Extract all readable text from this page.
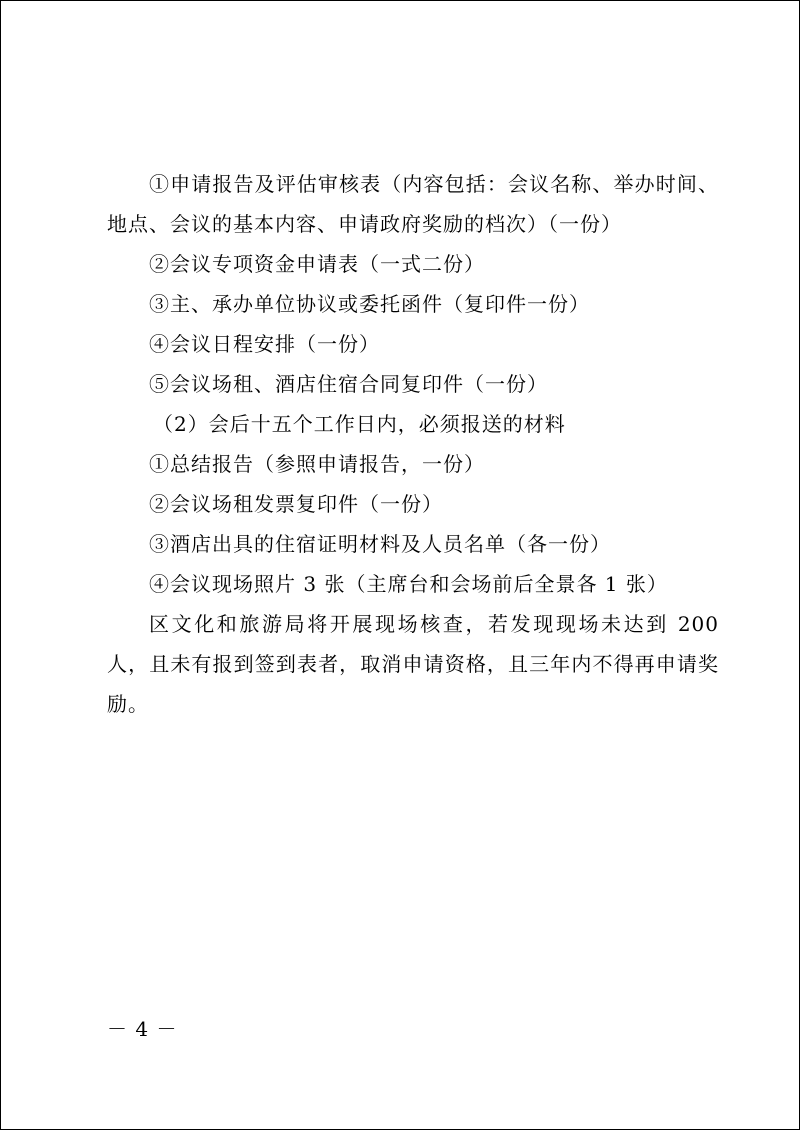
①申请报告及评估审核表（内容包括：会议名称、举办时间、地点、会议的基本内容、申请政府奖励的档次）（一份）

②会议专项资金申请表（一式二份）

③主、承办单位协议或委托函件（复印件一份）

④会议日程安排（一份）

⑤会议场租、酒店住宿合同复印件（一份）

（2）会后十五个工作日内，必须报送的材料

①总结报告（参照申请报告，一份）

②会议场租发票复印件（一份）

③酒店出具的住宿证明材料及人员名单（各一份）

④会议现场照片 3 张（主席台和会场前后全景各 1 张）

区文化和旅游局将开展现场核查，若发现现场未达到 200 人，且未有报到签到表者，取消申请资格，且三年内不得再申请奖励。

－ 4 －
